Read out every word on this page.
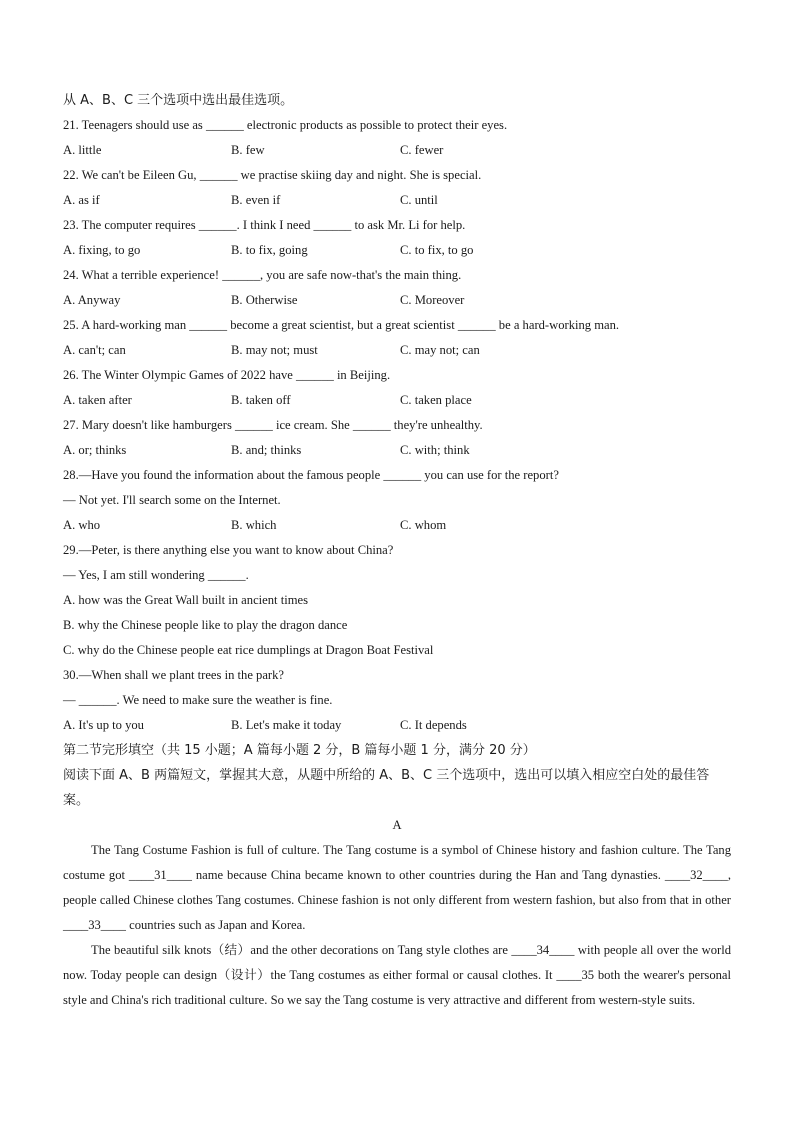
从 A、B、C 三个选项中选出最佳选项。
21. Teenagers should use as ______ electronic products as possible to protect their eyes.
A. little	B. few	C. fewer
22. We can't be Eileen Gu, ______ we practise skiing day and night. She is special.
A. as if	B. even if	C. until
23. The computer requires ______. I think I need ______ to ask Mr. Li for help.
A. fixing, to go	B. to fix, going	C. to fix, to go
24. What a terrible experience! ______, you are safe now-that's the main thing.
A. Anyway	B. Otherwise	C. Moreover
25. A hard-working man ______ become a great scientist, but a great scientist ______ be a hard-working man.
A. can't; can	B. may not; must	C. may not; can
26. The Winter Olympic Games of 2022 have ______ in Beijing.
A. taken after	B. taken off	C. taken place
27. Mary doesn't like hamburgers ______ ice cream. She ______ they're unhealthy.
A. or; thinks	B. and; thinks	C. with; think
28.—Have you found the information about the famous people ______ you can use for the report?
— Not yet. I'll search some on the Internet.
A. who	B. which	C. whom
29.—Peter, is there anything else you want to know about China?
— Yes, I am still wondering ______.
A. how was the Great Wall built in ancient times
B. why the Chinese people like to play the dragon dance
C. why do the Chinese people eat rice dumplings at Dragon Boat Festival
30.—When shall we plant trees in the park?
— ______. We need to make sure the weather is fine.
A. It's up to you	B. Let's make it today	C. It depends
第二节完形填空（共 15 小题；A 篇每小题 2 分，B 篇每小题 1 分，满分 20 分）
阅读下面 A、B 两篇短文，掌握其大意，从题中所给的 A、B、C 三个选项中，选出可以填入相应空白处的最佳答案。
A

The Tang Costume Fashion is full of culture. The Tang costume is a symbol of Chinese history and fashion culture. The Tang costume got ____31____ name because China became known to other countries during the Han and Tang dynasties. ____32____, people called Chinese clothes Tang costumes. Chinese fashion is not only different from western fashion, but also from that in other ____33____ countries such as Japan and Korea.

The beautiful silk knots（结）and the other decorations on Tang style clothes are ____34____ with people all over the world now. Today people can design（设计）the Tang costumes as either formal or causal clothes. It ____35 both the wearer's personal style and China's rich traditional culture. So we say the Tang costume is very attractive and different from western-style suits.
